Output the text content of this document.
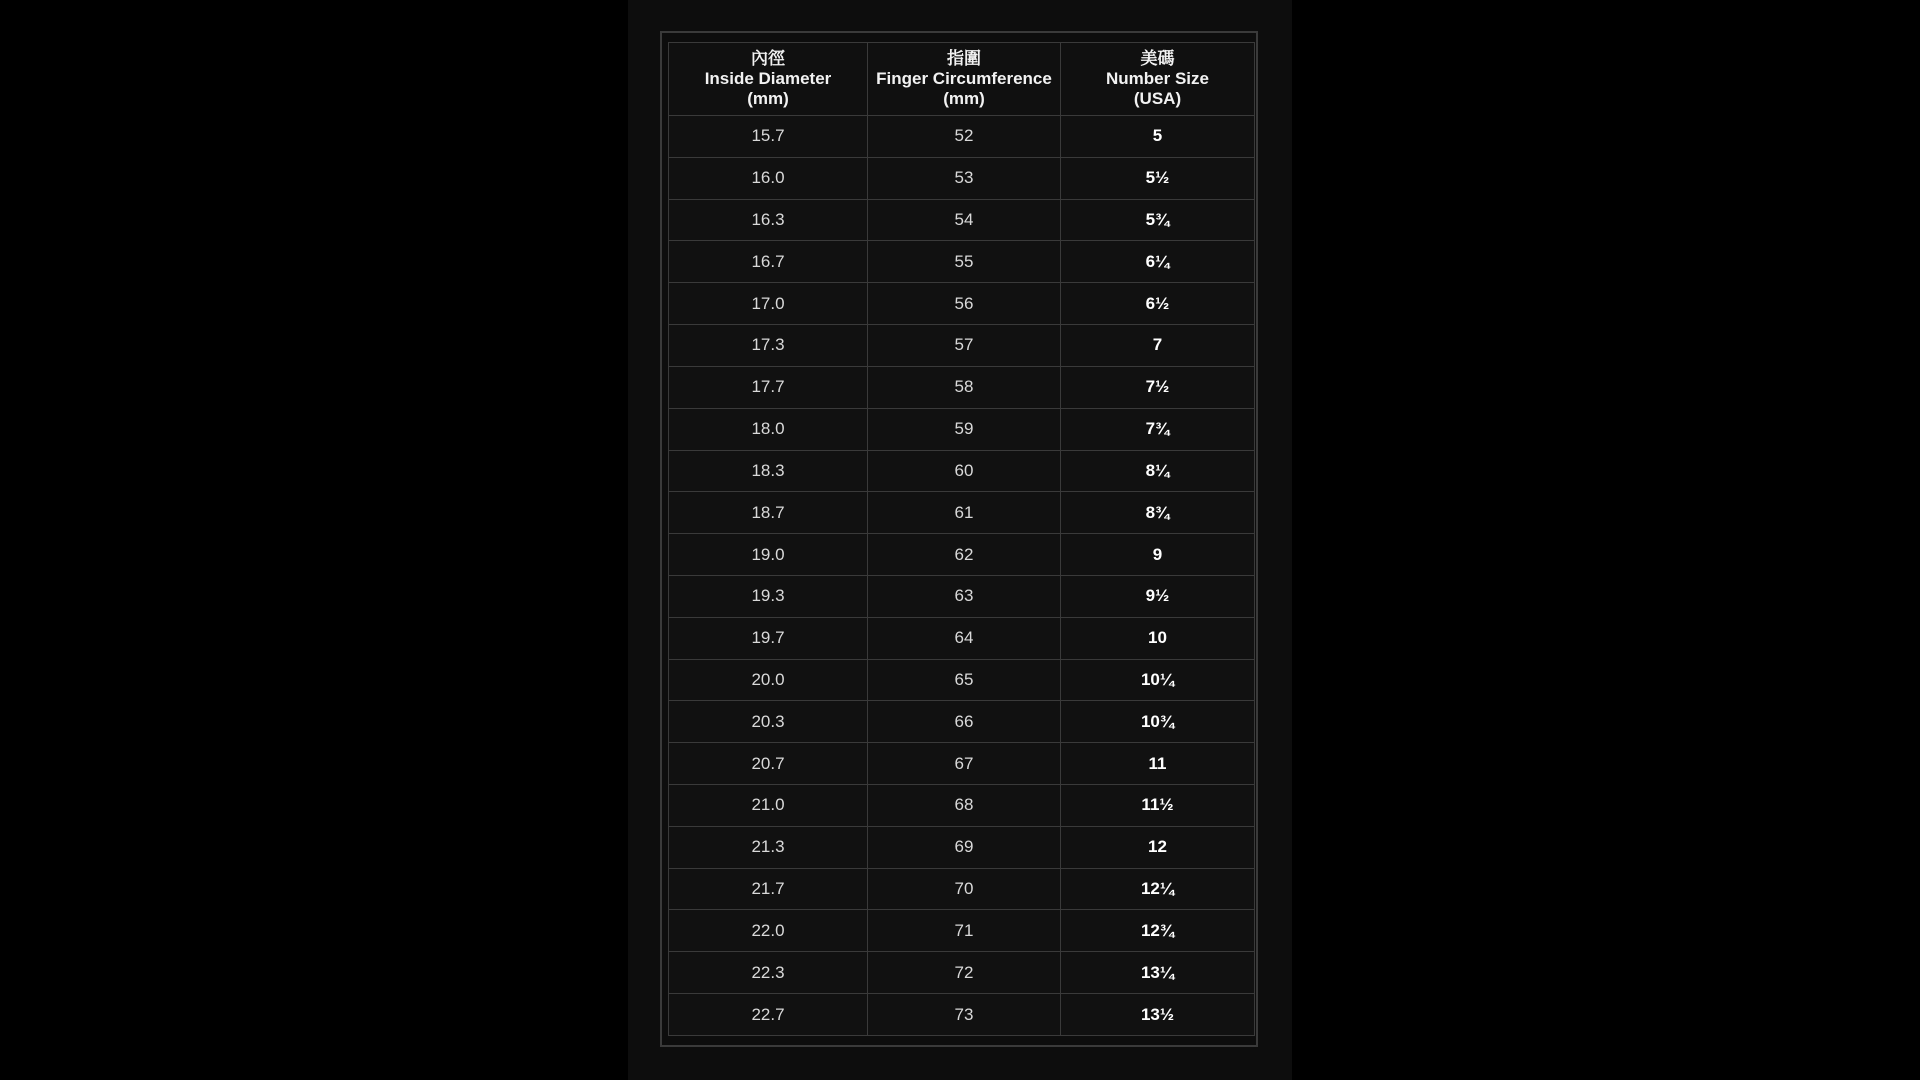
內徑
Inside Diameter
(mm)	指圍
Finger Circumference
(mm)	美碼
Number Size
(USA)

15.7	52	5
16.0	53	5½
16.3	54	5¾
16.7	55	6¼
17.0	56	6½
17.3	57	7
17.7	58	7½
18.0	59	7¾
18.3	60	8¼
18.7	61	8¾
19.0	62	9
19.3	63	9½
19.7	64	10
20.0	65	10¼
20.3	66	10¾
20.7	67	11
21.0	68	11½
21.3	69	12
21.7	70	12¼
22.0	71	12¾
22.3	72	13¼
22.7	73	13½
